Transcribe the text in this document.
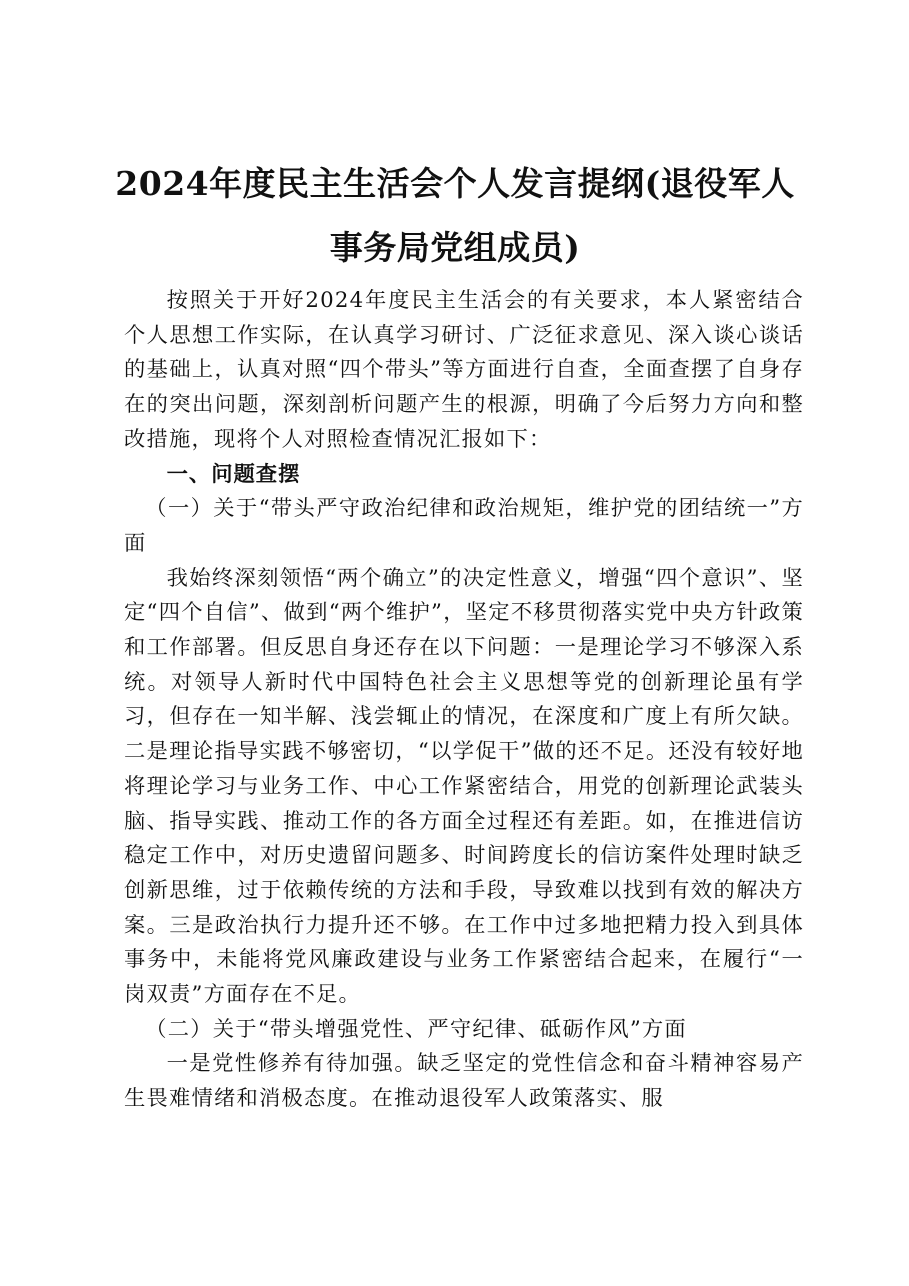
2024年度民主生活会个人发言提纲(退役军人
事务局党组成员)

按照关于开好2024年度民主生活会的有关要求，本人紧密结合个人思想工作实际，在认真学习研讨、广泛征求意见、深入谈心谈话的基础上，认真对照“四个带头”等方面进行自查，全面查摆了自身存在的突出问题，深刻剖析问题产生的根源，明确了今后努力方向和整改措施，现将个人对照检查情况汇报如下：

一、问题查摆

（一）关于“带头严守政治纪律和政治规矩，维护党的团结统一”方面

我始终深刻领悟“两个确立”的决定性意义，增强“四个意识”、坚定“四个自信”、做到“两个维护”，坚定不移贯彻落实党中央方针政策和工作部署。但反思自身还存在以下问题：一是理论学习不够深入系统。对领导人新时代中国特色社会主义思想等党的创新理论虽有学习，但存在一知半解、浅尝辄止的情况，在深度和广度上有所欠缺。二是理论指导实践不够密切，“以学促干”做的还不足。还没有较好地将理论学习与业务工作、中心工作紧密结合，用党的创新理论武装头脑、指导实践、推动工作的各方面全过程还有差距。如，在推进信访稳定工作中，对历史遗留问题多、时间跨度长的信访案件处理时缺乏创新思维，过于依赖传统的方法和手段，导致难以找到有效的解决方案。三是政治执行力提升还不够。在工作中过多地把精力投入到具体事务中，未能将党风廉政建设与业务工作紧密结合起来，在履行“一岗双责”方面存在不足。

（二）关于“带头增强党性、严守纪律、砥砺作风”方面

一是党性修养有待加强。缺乏坚定的党性信念和奋斗精神容易产生畏难情绪和消极态度。在推动退役军人政策落实、服
